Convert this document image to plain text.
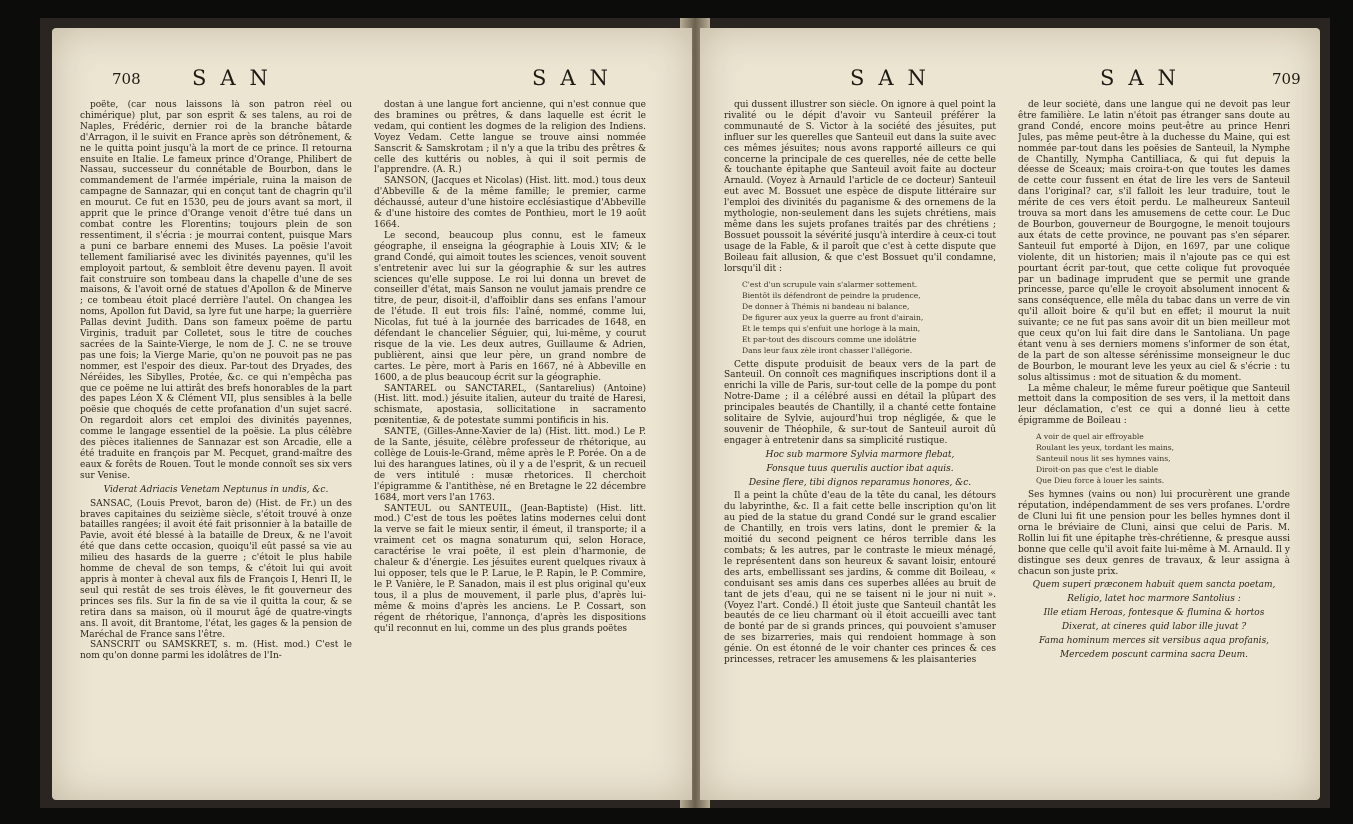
708 SAN	SAN

poëte, (car nous laissons là son patron réel ou chimérique) plut, par son esprit & ses talens, au roi de Naples, Frédéric, dernier roi de la branche bâtarde d'Arragon, il le suivit en France après son détrônement, & ne le quitta point jusqu'à la mort de ce prince. Il retourna ensuite en Italie. Le fameux prince d'Orange, Philibert de Nassau, successeur du connétable de Bourbon, dans le commandement de l'armée impériale, ruina la maison de campagne de Sannazar, qui en conçut tant de chagrin qu'il en mourut. Ce fut en 1530, peu de jours avant sa mort, il apprit que le prince d'Orange venoit d'être tué dans un combat contre les Florentins; toujours plein de son ressentiment, il s'écria : je mourrai content, puisque Mars a puni ce barbare ennemi des Muses. La poësie l'avoit tellement familiarisé avec les divinités payennes, qu'il les employoit partout, & sembloit être devenu payen. Il avoit fait construire son tombeau dans la chapelle d'une de ses maisons, & l'avoit orné de statues d'Apollon & de Minerve ; ce tombeau étoit placé derrière l'autel. On changea les noms, Apollon fut David, sa lyre fut une harpe; la guerrière Pallas devint Judith. Dans son fameux poëme de partu Virginis, traduit par Colletet, sous le titre de couches sacrées de la Sainte-Vierge, le nom de J. C. ne se trouve pas une fois; la Vierge Marie, qu'on ne pouvoit pas ne pas nommer, est l'espoir des dieux. Par-tout des Dryades, des Néréides, les Sibylles, Protée, &c. ce qui n'empêcha pas que ce poëme ne lui attirât des brefs honorables de la part des papes Léon X & Clément VII, plus sensibles à la belle poësie que choqués de cette profanation d'un sujet sacré. On regardoit alors cet emploi des divinités payennes, comme le langage essentiel de la poësie. La plus célèbre des pièces italiennes de Sannazar est son Arcadie, elle a été traduite en françois par M. Pecquet, grand-maître des eaux & forêts de Rouen. Tout le monde connoît ses six vers sur Venise.

Viderat Adriacis Venetam Neptunus in undis, &c.

SANSAC, (Louis Prevot, baron de) (Hist. de Fr.) un des braves capitaines du seizième siècle, s'étoit trouvé à onze batailles rangées; il avoit été fait prisonnier à la bataille de Pavie, avoit été blessé à la bataille de Dreux, & ne l'avoit été que dans cette occasion, quoiqu'il eût passé sa vie au milieu des hasards de la guerre ; c'étoit le plus habile homme de cheval de son temps, & c'étoit lui qui avoit appris à monter à cheval aux fils de François I, Henri II, le seul qui restât de ses trois élèves, le fit gouverneur des princes ses fils. Sur la fin de sa vie il quitta la cour, & se retira dans sa maison, où il mourut âgé de quatre-vingts ans. Il avoit, dit Brantome, l'état, les gages & la pension de Maréchal de France sans l'être.

SANSCRIT ou SAMSKRET, s. m. (Hist. mod.) C'est le nom qu'on donne parmi les idolâtres de l'In-

dostan à une langue fort ancienne, qui n'est connue que des bramines ou prêtres, & dans laquelle est écrit le vedam, qui contient les dogmes de la religion des Indiens. Voyez Vedam. Cette langue se trouve ainsi nommée Sanscrit & Samskrotam ; il n'y a que la tribu des prêtres & celle des kuttéris ou nobles, à qui il soit permis de l'apprendre. (A. R.)

SANSON, (Jacques et Nicolas) (Hist. litt. mod.) tous deux d'Abbeville & de la même famille; le premier, carme déchaussé, auteur d'une histoire ecclésiastique d'Abbeville & d'une histoire des comtes de Ponthieu, mort le 19 août 1664.

Le second, beaucoup plus connu, est le fameux géographe, il enseigna la géographie à Louis XIV; & le grand Condé, qui aimoit toutes les sciences, venoit souvent s'entretenir avec lui sur la géographie & sur les autres sciences qu'elle suppose. Le roi lui donna un brevet de conseiller d'état, mais Sanson ne voulut jamais prendre ce titre, de peur, disoit-il, d'affoiblir dans ses enfans l'amour de l'étude. Il eut trois fils: l'aîné, nommé, comme lui, Nicolas, fut tué à la journée des barricades de 1648, en défendant le chancelier Séguier, qui, lui-même, y courut risque de la vie. Les deux autres, Guillaume & Adrien, publièrent, ainsi que leur père, un grand nombre de cartes. Le père, mort à Paris en 1667, né à Abbeville en 1600, a de plus beaucoup écrit sur la géographie.

SANTAREL ou SANCTAREL, (Santarelius) (Antoine) (Hist. litt. mod.) jésuite italien, auteur du traité de Haresi, schismate, apostasia, sollicitatione in sacramento pœnitentiæ, & de potestate summi pontificis in his.

SANTE, (Gilles-Anne-Xavier de la) (Hist. litt. mod.) Le P. de la Sante, jésuite, célèbre professeur de rhétorique, au collège de Louis-le-Grand, même après le P. Porée. On a de lui des harangues latines, où il y a de l'esprit, & un recueil de vers intitulé : musæ rhetorices. Il cherchoit l'épigramme & l'antithèse, né en Bretagne le 22 décembre 1684, mort vers l'an 1763.

SANTEUL ou SANTEUIL, (Jean-Baptiste) (Hist. litt. mod.) C'est de tous les poëtes latins modernes celui dont la verve se fait le mieux sentir, il émeut, il transporte; il a vraiment cet os magna sonaturum qui, selon Horace, caractérise le vrai poëte, il est plein d'harmonie, de chaleur & d'énergie. Les jésuites eurent quelques rivaux à lui opposer, tels que le P. Larue, le P. Rapin, le P. Commire, le P. Vanière, le P. Sanadon, mais il est plus original qu'eux tous, il a plus de mouvement, il parle plus, d'après lui-même & moins d'après les anciens. Le P. Cossart, son régent de rhétorique, l'annonça, d'après les dispositions qu'il reconnut en lui, comme un des plus grands poëtes

SAN	SAN	709

qui dussent illustrer son siècle. On ignore à quel point la rivalité ou le dépit d'avoir vu Santeuil préférer la communauté de S. Victor à la société des jésuites, put influer sur les querelles que Santeuil eut dans la suite avec ces mêmes jésuites; nous avons rapporté ailleurs ce qui concerne la principale de ces querelles, née de cette belle & touchante épitaphe que Santeuil avoit faite au docteur Arnauld. (Voyez à Arnauld l'article de ce docteur) Santeuil eut avec M. Bossuet une espèce de dispute littéraire sur l'emploi des divinités du paganisme & des ornemens de la mythologie, non-seulement dans les sujets chrétiens, mais même dans les sujets profanes traités par des chrétiens ; Bossuet poussoit la sévérité jusqu'à interdire à ceux-ci tout usage de la Fable, & il paroît que c'est à cette dispute que Boileau fait allusion, & que c'est Bossuet qu'il condamne, lorsqu'il dit :

C'est d'un scrupule vain s'alarmer sottement.
Bientôt ils défendront de peindre la prudence,
De donner à Thémis ni bandeau ni balance,
De figurer aux yeux la guerre au front d'airain,
Et le temps qui s'enfuit une horloge à la main,
Et par-tout des discours comme une idolâtrie
Dans leur faux zèle iront chasser l'allégorie.

Cette dispute produisit de beaux vers de la part de Santeuil. On connoît ces magnifiques inscriptions dont il a enrichi la ville de Paris, sur-tout celle de la pompe du pont Notre-Dame ; il a célébré aussi en détail la plûpart des principales beautés de Chantilly, il a chanté cette fontaine solitaire de Sylvie, aujourd'hui trop négligée, & que le souvenir de Théophile, & sur-tout de Santeuil auroit dû engager à entretenir dans sa simplicité rustique.

Hoc sub marmore Sylvia marmore flebat,
Fonsque tuus querulis auctior ibat aquis.
Desine flere, tibi dignos reparamus honores, &c.

Il a peint la chûte d'eau de la tête du canal, les détours du labyrinthe, &c. Il a fait cette belle inscription qu'on lit au pied de la statue du grand Condé sur le grand escalier de Chantilly, en trois vers latins, dont le premier & la moitié du second peignent ce héros terrible dans les combats; & les autres, par le contraste le mieux ménagé, le représentent dans son heureux & savant loisir, entouré des arts, embellissant ses jardins, & comme dit Boileau, « conduisant ses amis dans ces superbes allées au bruit de tant de jets d'eau, qui ne se taisent ni le jour ni nuit ». (Voyez l'art. Condé.) Il étoit juste que Santeuil chantât les beautés de ce lieu charmant où il étoit accueilli avec tant de bonté par de si grands princes, qui pouvoient s'amuser de ses bizarreries, mais qui rendoient hommage à son génie. On est étonné de le voir chanter ces princes & ces princesses, retracer les amusemens & les plaisanteries

de leur société, dans une langue qui ne devoit pas leur être familière. Le latin n'étoit pas étranger sans doute au grand Condé, encore moins peut-être au prince Henri Jules, pas même peut-être à la duchesse du Maine, qui est nommée par-tout dans les poësies de Santeuil, la Nymphe de Chantilly, Nympha Cantilliaca, & qui fut depuis la déesse de Sceaux; mais croira-t-on que toutes les dames de cette cour fussent en état de lire les vers de Santeuil dans l'original? car, s'il falloit les leur traduire, tout le mérite de ces vers étoit perdu. Le malheureux Santeuil trouva sa mort dans les amusemens de cette cour. Le Duc de Bourbon, gouverneur de Bourgogne, le menoit toujours aux états de cette province, ne pouvant pas s'en séparer. Santeuil fut emporté à Dijon, en 1697, par une colique violente, dit un historien; mais il n'ajoute pas ce qui est pourtant écrit par-tout, que cette colique fut provoquée par un badinage imprudent que se permit une grande princesse, parce qu'elle le croyoit absolument innocent & sans conséquence, elle mêla du tabac dans un verre de vin qu'il alloit boire & qu'il but en effet; il mourut la nuit suivante; ce ne fut pas sans avoir dit un bien meilleur mot que ceux qu'on lui fait dire dans le Santoliana. Un page étant venu à ses derniers momens s'informer de son état, de la part de son altesse sérénissime monseigneur le duc de Bourbon, le mourant leve les yeux au ciel & s'écrie : tu solus altissimus : mot de situation & du moment.

La même chaleur, le même fureur poëtique que Santeuil mettoit dans la composition de ses vers, il la mettoit dans leur déclamation, c'est ce qui a donné lieu à cette épigramme de Boileau :

A voir de quel air effroyable
Roulant les yeux, tordant les mains,
Santeuil nous lit ses hymnes vains,
Diroit-on pas que c'est le diable
Que Dieu force à louer les saints.

Ses hymnes (vains ou non) lui procurèrent une grande réputation, indépendamment de ses vers profanes. L'ordre de Cluni lui fit une pension pour les belles hymnes dont il orna le bréviaire de Cluni, ainsi que celui de Paris. M. Rollin lui fit une épitaphe très-chrétienne, & presque aussi bonne que celle qu'il avoit faite lui-même à M. Arnauld. Il y distingue ses deux genres de travaux, & leur assigna à chacun son juste prix.

Quem superi præconem habuit quem sancta poetam,
Religio, latet hoc marmore Santolius :
Ille etiam Heroas, fontesque & flumina & hortos
Dixerat, at cineres quid labor ille juvat ?
Fama hominum merces sit versibus aqua profanis,
Mercedem poscunt carmina sacra Deum.
